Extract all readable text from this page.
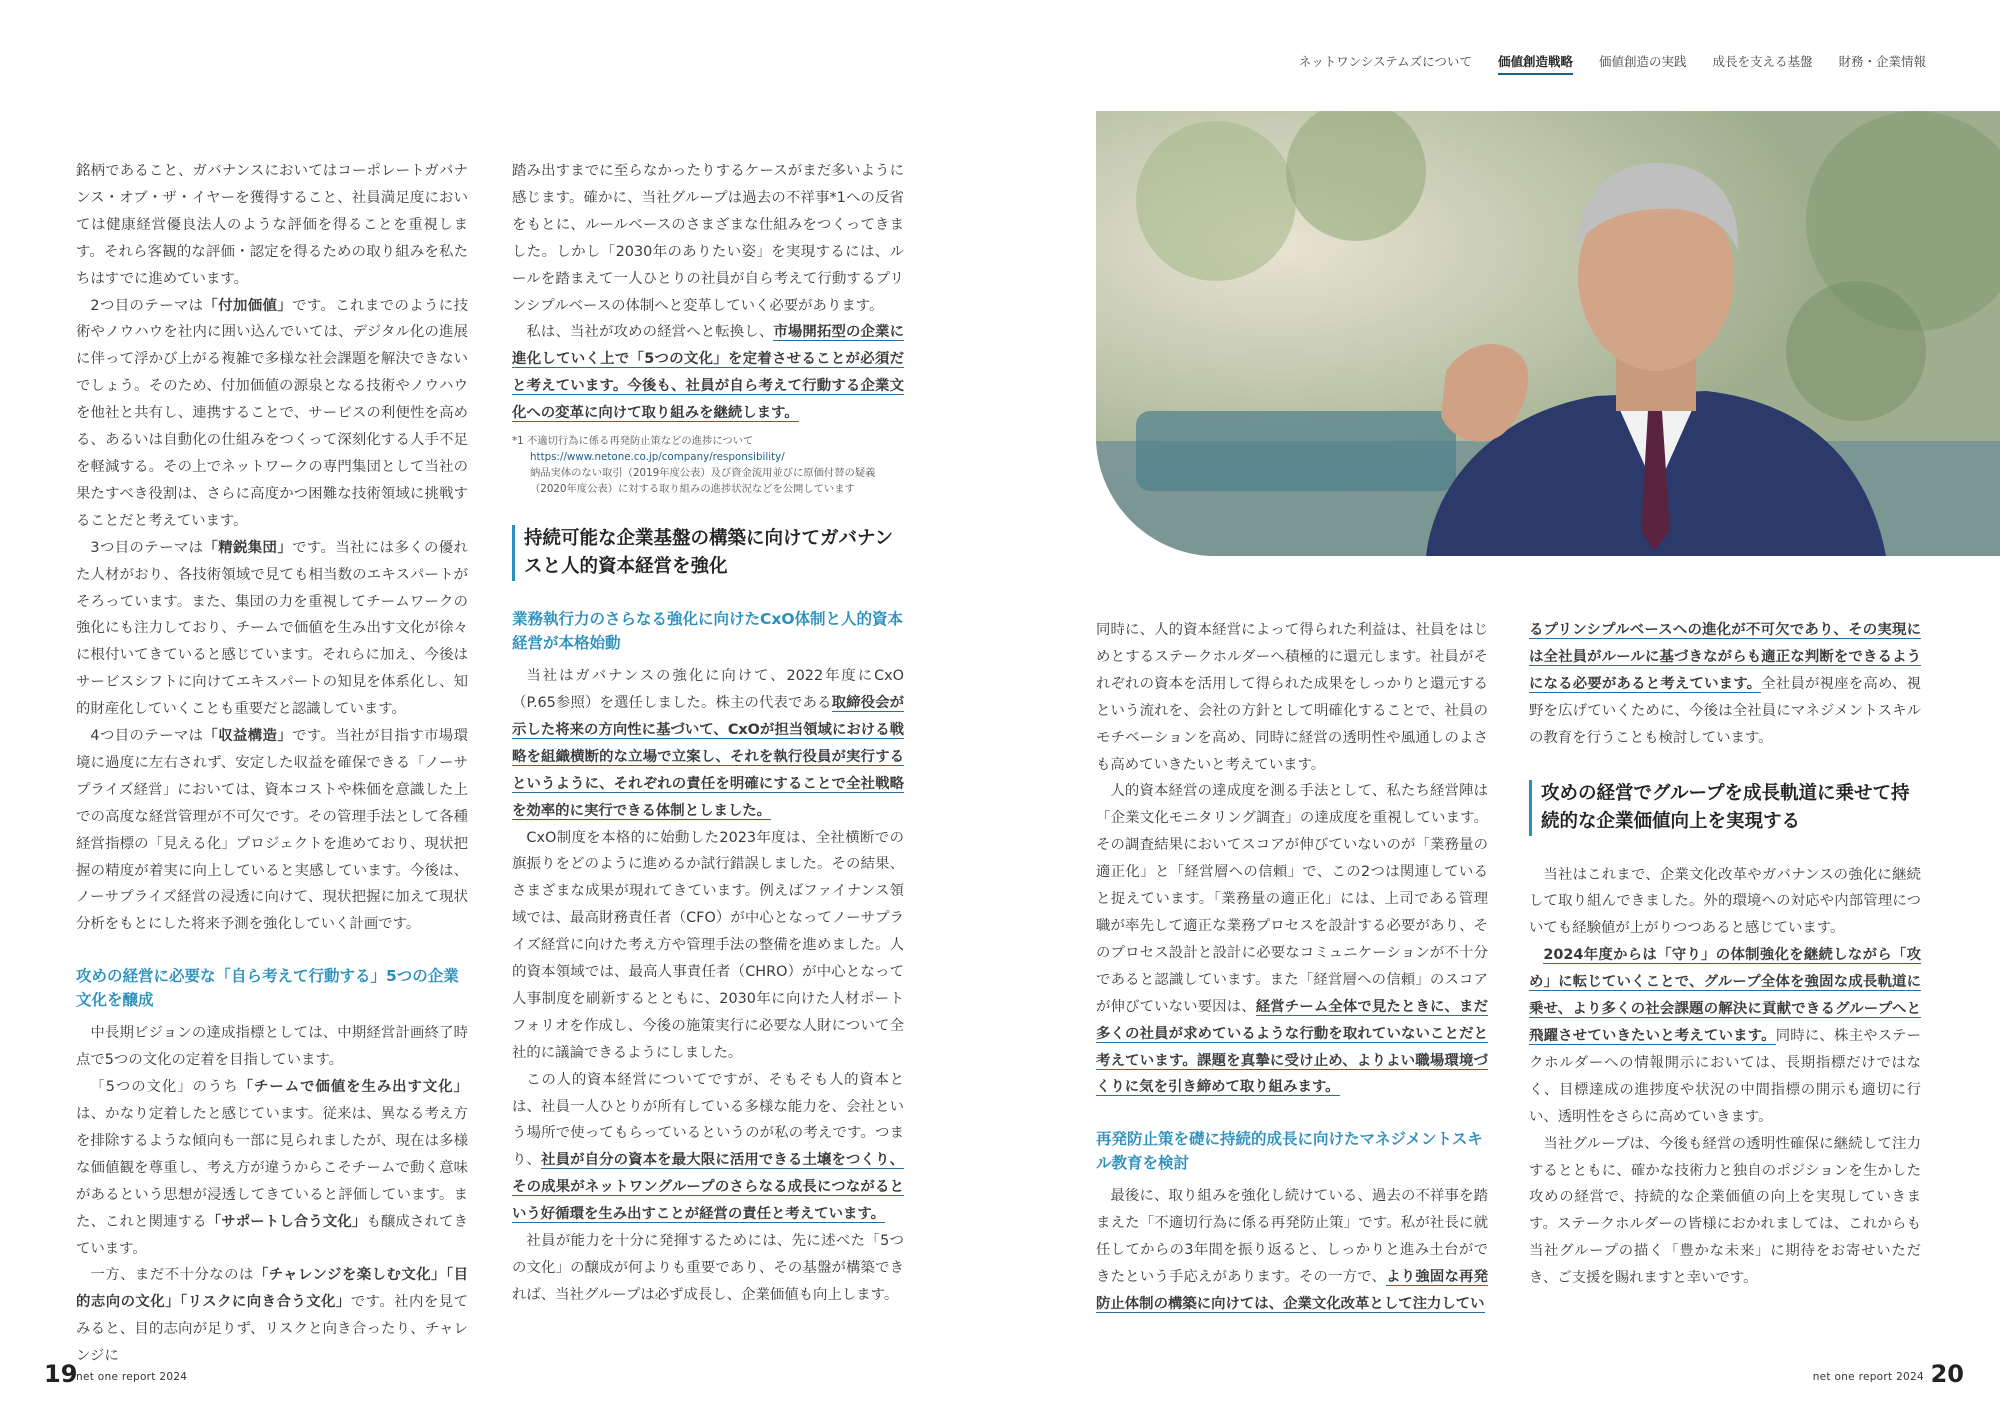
ネットワンシステムズについて 価値創造戦略 価値創造の実践 成長を支える基盤 財務・企業情報

銘柄であること、ガバナンスにおいてはコーポレートガバナンス・オブ・ザ・イヤーを獲得すること、社員満足度においては健康経営優良法人のような評価を得ることを重視します。それら客観的な評価・認定を得るための取り組みを私たちはすでに進めています。

2つ目のテーマは「付加価値」です。これまでのように技術やノウハウを社内に囲い込んでいては、デジタル化の進展に伴って浮かび上がる複雑で多様な社会課題を解決できないでしょう。そのため、付加価値の源泉となる技術やノウハウを他社と共有し、連携することで、サービスの利便性を高める、あるいは自動化の仕組みをつくって深刻化する人手不足を軽減する。その上でネットワークの専門集団として当社の果たすべき役割は、さらに高度かつ困難な技術領域に挑戦することだと考えています。

3つ目のテーマは「精鋭集団」です。当社には多くの優れた人材がおり、各技術領域で見ても相当数のエキスパートがそろっています。また、集団の力を重視してチームワークの強化にも注力しており、チームで価値を生み出す文化が徐々に根付いてきていると感じています。それらに加え、今後はサービスシフトに向けてエキスパートの知見を体系化し、知的財産化していくことも重要だと認識しています。

4つ目のテーマは「収益構造」です。当社が目指す市場環境に過度に左右されず、安定した収益を確保できる「ノーサプライズ経営」においては、資本コストや株価を意識した上での高度な経営管理が不可欠です。その管理手法として各種経営指標の「見える化」プロジェクトを進めており、現状把握の精度が着実に向上していると実感しています。今後は、ノーサプライズ経営の浸透に向けて、現状把握に加えて現状分析をもとにした将来予測を強化していく計画です。

攻めの経営に必要な「自ら考えて行動する」5つの企業文化を醸成

中長期ビジョンの達成指標としては、中期経営計画終了時点で5つの文化の定着を目指しています。

「5つの文化」のうち「チームで価値を生み出す文化」は、かなり定着したと感じています。従来は、異なる考え方を排除するような傾向も一部に見られましたが、現在は多様な価値観を尊重し、考え方が違うからこそチームで動く意味があるという思想が浸透してきていると評価しています。また、これと関連する「サポートし合う文化」も醸成されてきています。

一方、まだ不十分なのは「チャレンジを楽しむ文化」「目的志向の文化」「リスクに向き合う文化」です。社内を見てみると、目的志向が足りず、リスクと向き合ったり、チャレンジに

踏み出すまでに至らなかったりするケースがまだ多いように感じます。確かに、当社グループは過去の不祥事*1への反省をもとに、ルールベースのさまざまな仕組みをつくってきました。しかし「2030年のありたい姿」を実現するには、ルールを踏まえて一人ひとりの社員が自ら考えて行動するプリンシプルベースの体制へと変革していく必要があります。

私は、当社が攻めの経営へと転換し、市場開拓型の企業に進化していく上で「5つの文化」を定着させることが必須だと考えています。今後も、社員が自ら考えて行動する企業文化への変革に向けて取り組みを継続します。

*1 不適切行為に係る再発防止策などの進捗について
https://www.netone.co.jp/company/responsibility/
納品実体のない取引（2019年度公表）及び資金流用並びに原価付替の疑義（2020年度公表）に対する取り組みの進捗状況などを公開しています
持続可能な企業基盤の構築に向けてガバナンスと人的資本経営を強化
業務執行力のさらなる強化に向けたCxO体制と人的資本経営が本格始動

当社はガバナンスの強化に向けて、2022年度にCxO（P.65参照）を選任しました。株主の代表である取締役会が示した将来の方向性に基づいて、CxOが担当領域における戦略を組織横断的な立場で立案し、それを執行役員が実行するというように、それぞれの責任を明確にすることで全社戦略を効率的に実行できる体制としました。

CxO制度を本格的に始動した2023年度は、全社横断での旗振りをどのように進めるか試行錯誤しました。その結果、さまざまな成果が現れてきています。例えばファイナンス領域では、最高財務責任者（CFO）が中心となってノーサプライズ経営に向けた考え方や管理手法の整備を進めました。人的資本領域では、最高人事責任者（CHRO）が中心となって人事制度を刷新するとともに、2030年に向けた人材ポートフォリオを作成し、今後の施策実行に必要な人財について全社的に議論できるようにしました。

この人的資本経営についてですが、そもそも人的資本とは、社員一人ひとりが所有している多様な能力を、会社という場所で使ってもらっているというのが私の考えです。つまり、社員が自分の資本を最大限に活用できる土壌をつくり、その成果がネットワングループのさらなる成長につながるという好循環を生み出すことが経営の責任と考えています。

社員が能力を十分に発揮するためには、先に述べた「5つの文化」の醸成が何よりも重要であり、その基盤が構築できれば、当社グループは必ず成長し、企業価値も向上します。

同時に、人的資本経営によって得られた利益は、社員をはじめとするステークホルダーへ積極的に還元します。社員がそれぞれの資本を活用して得られた成果をしっかりと還元するという流れを、会社の方針として明確化することで、社員のモチベーションを高め、同時に経営の透明性や風通しのよさも高めていきたいと考えています。

人的資本経営の達成度を測る手法として、私たち経営陣は「企業文化モニタリング調査」の達成度を重視しています。その調査結果においてスコアが伸びていないのが「業務量の適正化」と「経営層への信頼」で、この2つは関連していると捉えています。「業務量の適正化」には、上司である管理職が率先して適正な業務プロセスを設計する必要があり、そのプロセス設計と設計に必要なコミュニケーションが不十分であると認識しています。また「経営層への信頼」のスコアが伸びていない要因は、経営チーム全体で見たときに、まだ多くの社員が求めているような行動を取れていないことだと考えています。課題を真摯に受け止め、よりよい職場環境づくりに気を引き締めて取り組みます。

再発防止策を礎に持続的成長に向けたマネジメントスキル教育を検討

最後に、取り組みを強化し続けている、過去の不祥事を踏まえた「不適切行為に係る再発防止策」です。私が社長に就任してからの3年間を振り返ると、しっかりと進み土台ができたという手応えがあります。その一方で、より強固な再発防止体制の構築に向けては、企業文化改革として注力してい

るプリンシプルベースへの進化が不可欠であり、その実現には全社員がルールに基づきながらも適正な判断をできるようになる必要があると考えています。全社員が視座を高め、視野を広げていくために、今後は全社員にマネジメントスキルの教育を行うことも検討しています。

攻めの経営でグループを成長軌道に乗せて持続的な企業価値向上を実現する

当社はこれまで、企業文化改革やガバナンスの強化に継続して取り組んできました。外的環境への対応や内部管理についても経験値が上がりつつあると感じています。

2024年度からは「守り」の体制強化を継続しながら「攻め」に転じていくことで、グループ全体を強固な成長軌道に乗せ、より多くの社会課題の解決に貢献できるグループへと飛躍させていきたいと考えています。同時に、株主やステークホルダーへの情報開示においては、長期指標だけではなく、目標達成の進捗度や状況の中間指標の開示も適切に行い、透明性をさらに高めていきます。

当社グループは、今後も経営の透明性確保に継続して注力するとともに、確かな技術力と独自のポジションを生かした攻めの経営で、持続的な企業価値の向上を実現していきます。ステークホルダーの皆様におかれましては、これからも当社グループの描く「豊かな未来」に期待をお寄せいただき、ご支援を賜れますと幸いです。

19
net one report 2024	net one report 2024 20
